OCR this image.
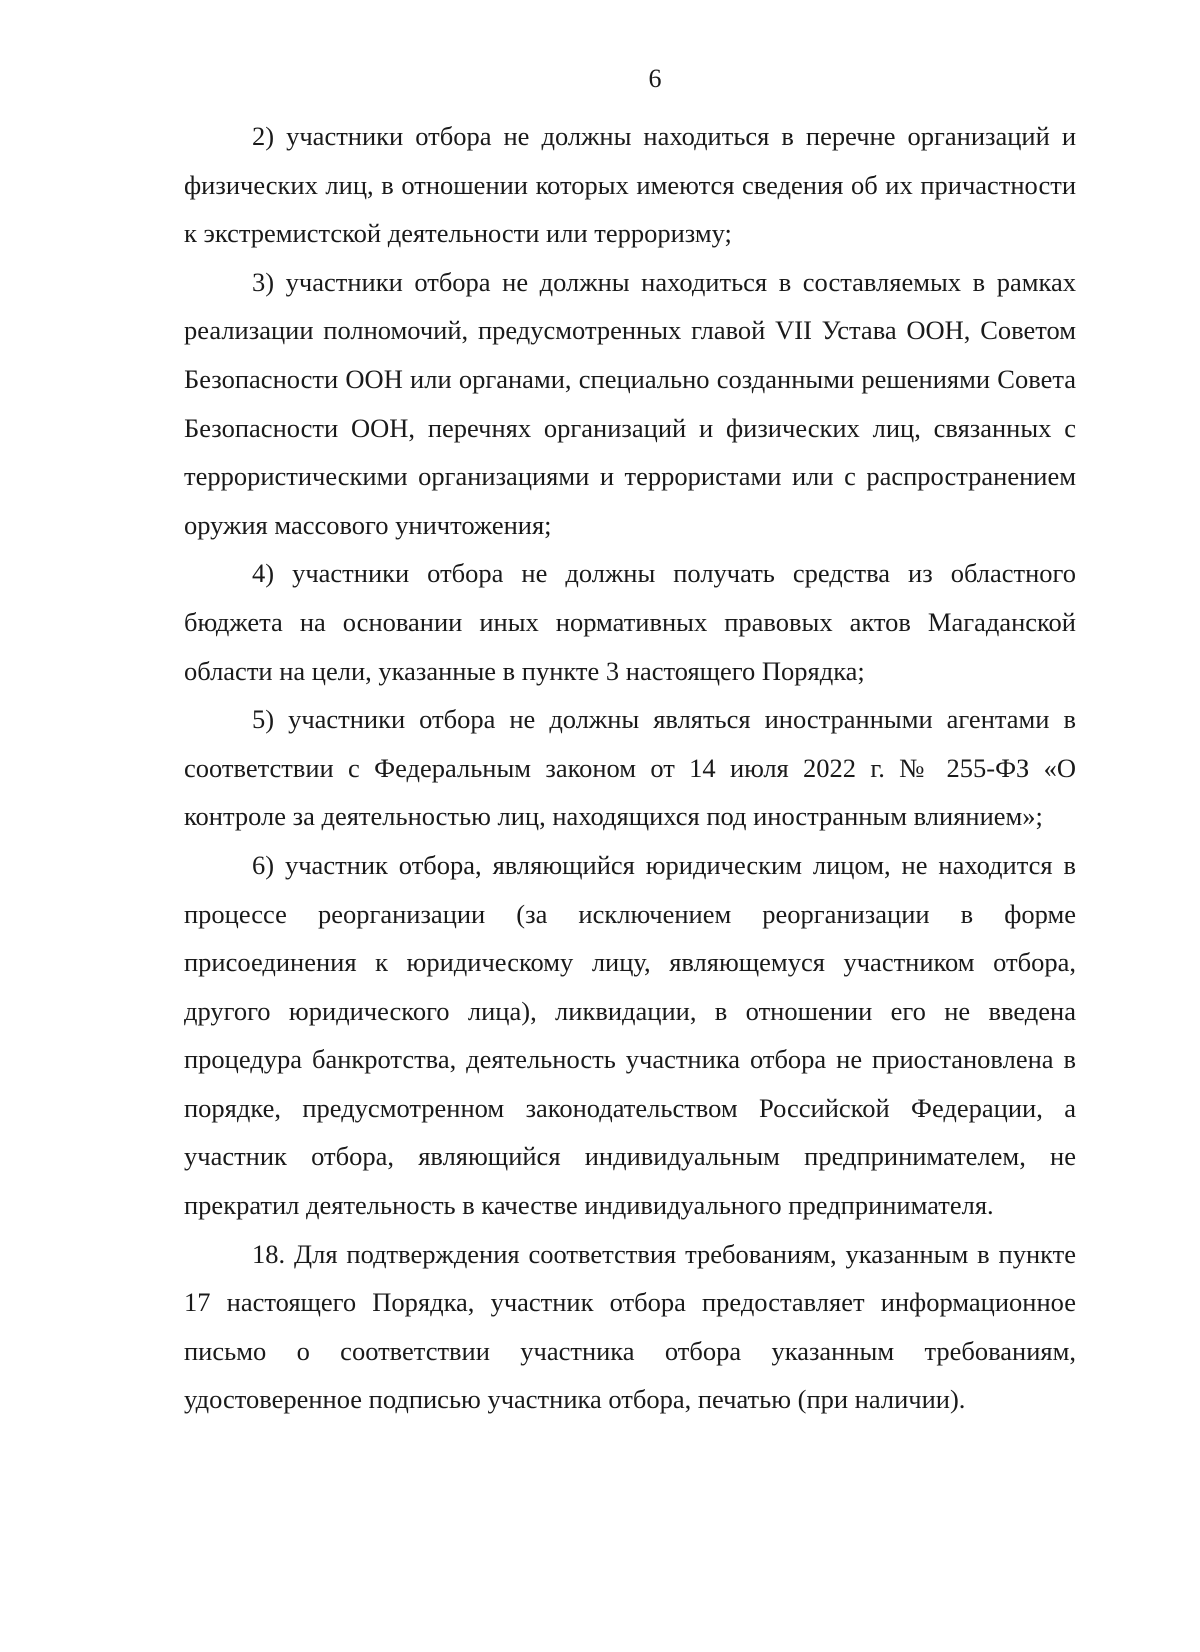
6

2) участники отбора не должны находиться в перечне организаций и физических лиц, в отношении которых имеются сведения об их причастности к экстремистской деятельности или терроризму;

3) участники отбора не должны находиться в составляемых в рамках реализации полномочий, предусмотренных главой VII Устава ООН, Советом Безопасности ООН или органами, специально созданными решениями Совета Безопасности ООН, перечнях организаций и физических лиц, связанных с террористическими организациями и террористами или с распространением оружия массового уничтожения;

4) участники отбора не должны получать средства из областного бюджета на основании иных нормативных правовых актов Магаданской области на цели, указанные в пункте 3 настоящего Порядка;

5) участники отбора не должны являться иностранными агентами в соответствии с Федеральным законом от 14 июля 2022 г. № 255-ФЗ «О контроле за деятельностью лиц, находящихся под иностранным влиянием»;

6) участник отбора, являющийся юридическим лицом, не находится в процессе реорганизации (за исключением реорганизации в форме присоединения к юридическому лицу, являющемуся участником отбора, другого юридического лица), ликвидации, в отношении его не введена процедура банкротства, деятельность участника отбора не приостановлена в порядке, предусмотренном законодательством Российской Федерации, а участник отбора, являющийся индивидуальным предпринимателем, не прекратил деятельность в качестве индивидуального предпринимателя.

18. Для подтверждения соответствия требованиям, указанным в пункте 17 настоящего Порядка, участник отбора предоставляет информационное письмо о соответствии участника отбора указанным требованиям, удостоверенное подписью участника отбора, печатью (при наличии).
